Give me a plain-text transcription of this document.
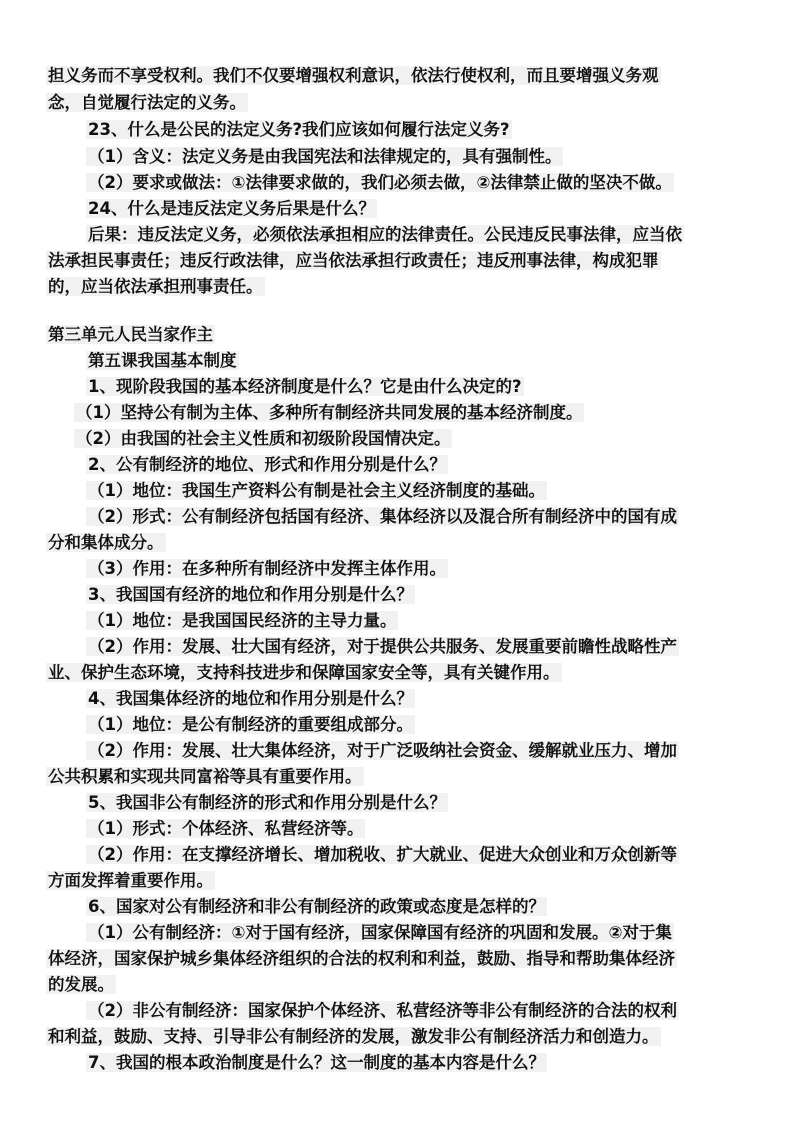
担义务而不享受权利。我们不仅要增强权利意识，依法行使权利，而且要增强义务观
念，自觉履行法定的义务。
23、什么是公民的法定义务?我们应该如何履行法定义务?
（1）含义：法定义务是由我国宪法和法律规定的，具有强制性。
（2）要求或做法：①法律要求做的，我们必须去做，②法律禁止做的坚决不做。
24、什么是违反法定义务后果是什么？
后果：违反法定义务，必须依法承担相应的法律责任。公民违反民事法律，应当依
法承担民事责任；违反行政法律，应当依法承担行政责任；违反刑事法律，构成犯罪
的，应当依法承担刑事责任。
第三单元人民当家作主
第五课我国基本制度
1、现阶段我国的基本经济制度是什么？它是由什么决定的?
（1）坚持公有制为主体、多种所有制经济共同发展的基本经济制度。
（2）由我国的社会主义性质和初级阶段国情决定。
2、公有制经济的地位、形式和作用分别是什么？
（1）地位：我国生产资料公有制是社会主义经济制度的基础。
（2）形式：公有制经济包括国有经济、集体经济以及混合所有制经济中的国有成
分和集体成分。
（3）作用：在多种所有制经济中发挥主体作用。
3、我国国有经济的地位和作用分别是什么？
（1）地位：是我国国民经济的主导力量。
（2）作用：发展、壮大国有经济，对于提供公共服务、发展重要前瞻性战略性产
业、保护生态环境，支持科技进步和保障国家安全等，具有关键作用。
4、我国集体经济的地位和作用分别是什么？
（1）地位：是公有制经济的重要组成部分。
（2）作用：发展、壮大集体经济，对于广泛吸纳社会资金、缓解就业压力、增加
公共积累和实现共同富裕等具有重要作用。
5、我国非公有制经济的形式和作用分别是什么？
（1）形式：个体经济、私营经济等。
（2）作用：在支撑经济增长、增加税收、扩大就业、促进大众创业和万众创新等
方面发挥着重要作用。
6、国家对公有制经济和非公有制经济的政策或态度是怎样的？
（1）公有制经济：①对于国有经济，国家保障国有经济的巩固和发展。②对于集
体经济，国家保护城乡集体经济组织的合法的权利和利益，鼓励、指导和帮助集体经济
的发展。
（2）非公有制经济：国家保护个体经济、私营经济等非公有制经济的合法的权利
和利益，鼓励、支持、引导非公有制经济的发展，激发非公有制经济活力和创造力。
7、我国的根本政治制度是什么？这一制度的基本内容是什么？
